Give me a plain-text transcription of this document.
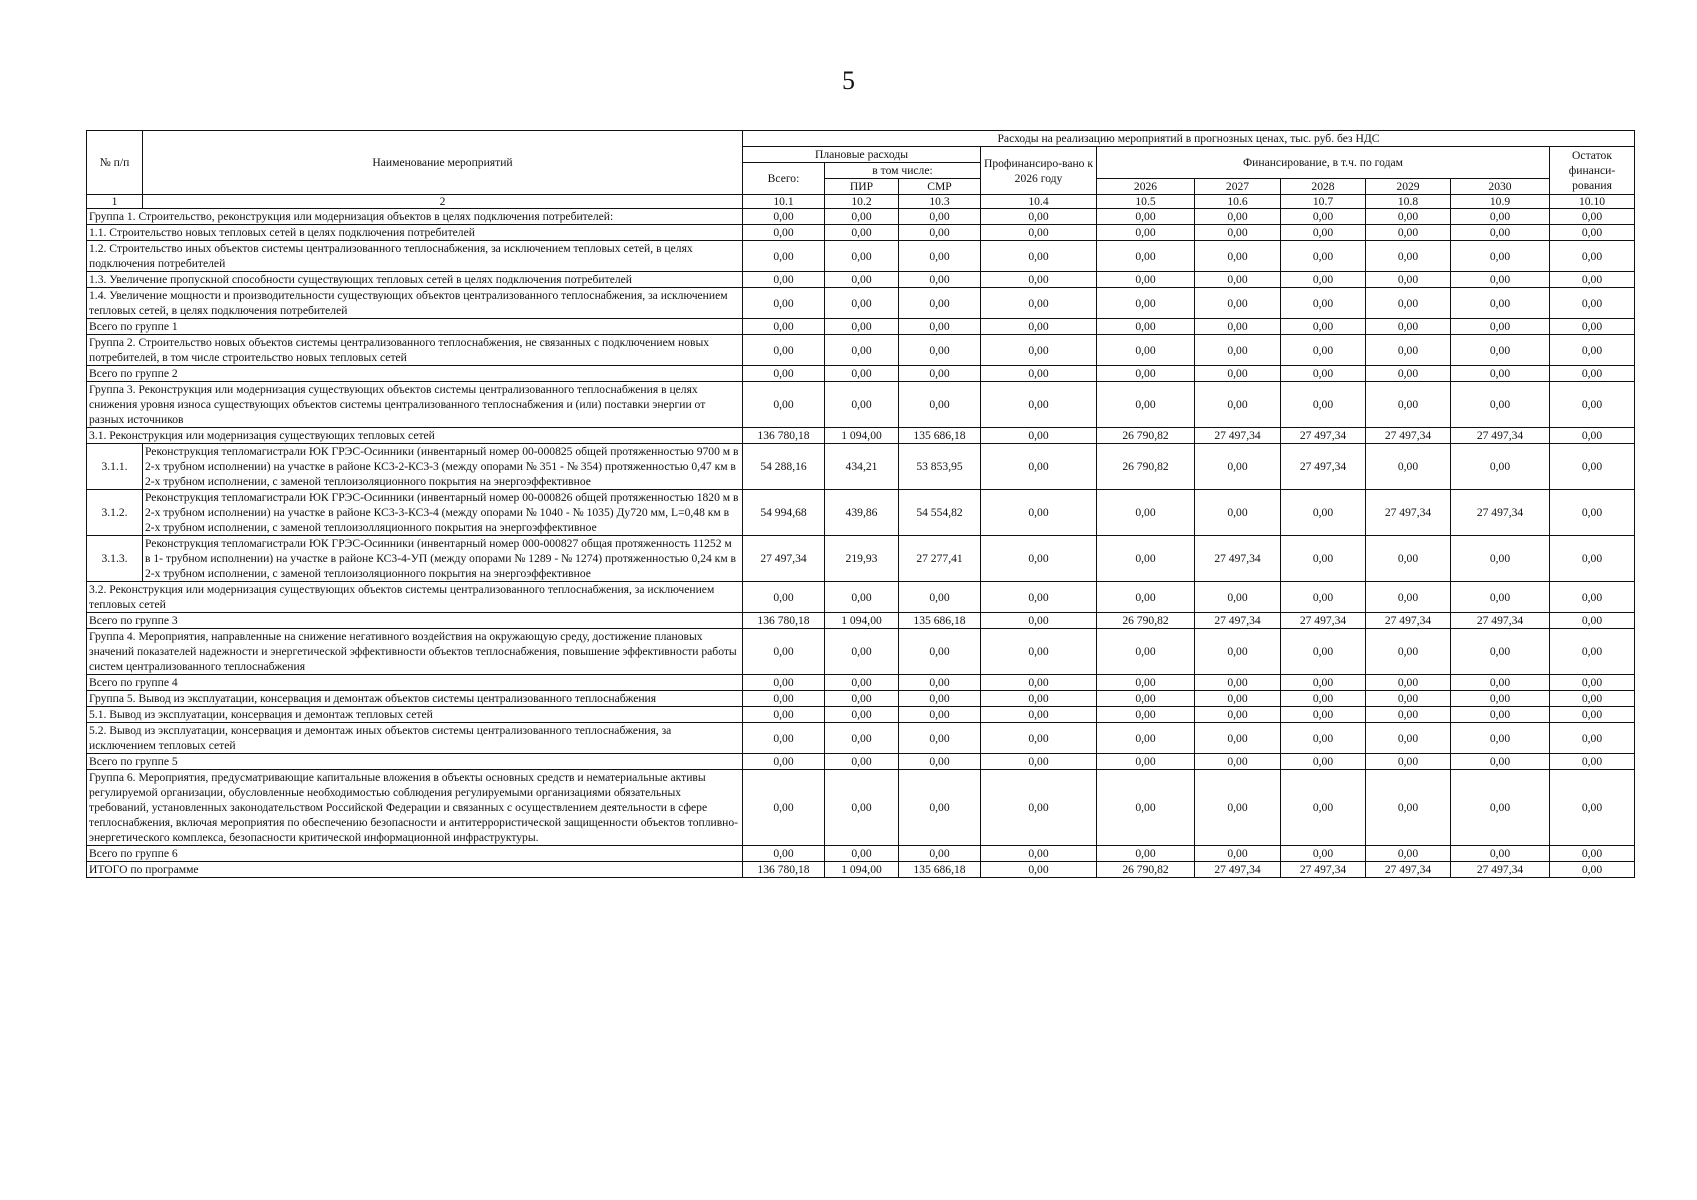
5
№ п/п	Наименование мероприятий	Расходы на реализацию мероприятий в прогнозных ценах, тыс. руб. без НДС									
		Плановые расходы			Профинансиро-вано к 2026 году	Финансирование, в т.ч. по годам					Остаток финанси-рования
		Всего:	в том числе:								
			ПИР	СМР		2026	2027	2028	2029	2030	
1	2	10.1	10.2	10.3	10.4	10.5	10.6	10.7	10.8	10.9	10.10
Группа 1. Строительство, реконструкция или модернизация объектов в целях подключения потребителей:		0,00	0,00	0,00	0,00	0,00	0,00	0,00	0,00	0,00	0,00
1.1. Строительство новых тепловых сетей в целях подключения потребителей		0,00	0,00	0,00	0,00	0,00	0,00	0,00	0,00	0,00	0,00
1.2. Строительство иных объектов системы централизованного теплоснабжения, за исключением тепловых сетей, в целях подключения потребителей		0,00	0,00	0,00	0,00	0,00	0,00	0,00	0,00	0,00	0,00
1.3. Увеличение пропускной способности существующих тепловых сетей в целях подключения потребителей		0,00	0,00	0,00	0,00	0,00	0,00	0,00	0,00	0,00	0,00
1.4. Увеличение мощности и производительности существующих объектов централизованного теплоснабжения, за исключением тепловых сетей, в целях подключения потребителей		0,00	0,00	0,00	0,00	0,00	0,00	0,00	0,00	0,00	0,00
Всего по группе 1		0,00	0,00	0,00	0,00	0,00	0,00	0,00	0,00	0,00	0,00
Группа 2. Строительство новых объектов системы централизованного теплоснабжения, не связанных с подключением новых потребителей, в том числе строительство новых тепловых сетей		0,00	0,00	0,00	0,00	0,00	0,00	0,00	0,00	0,00	0,00
Всего по группе 2		0,00	0,00	0,00	0,00	0,00	0,00	0,00	0,00	0,00	0,00
Группа 3. Реконструкция или модернизация существующих объектов системы централизованного теплоснабжения в целях снижения уровня износа существующих объектов системы централизованного теплоснабжения и (или) поставки энергии от разных источников		0,00	0,00	0,00	0,00	0,00	0,00	0,00	0,00	0,00	0,00
3.1. Реконструкция или модернизация существующих тепловых сетей		136 780,18	1 094,00	135 686,18	0,00	26 790,82	27 497,34	27 497,34	27 497,34	27 497,34	0,00
3.1.1.	Реконструкция тепломагистрали ЮК ГРЭС-Осинники (инвентарный номер 00-000825 общей протяженностью 9700 м в 2-х трубном исполнении) на участке в районе КС3-2-КС3-3 (между опорами № 351 - № 354) протяженностью 0,47 км в 2-х трубном исполнении, с заменой теплоизоляционного покрытия на энергоэффективное	54 288,16	434,21	53 853,95	0,00	26 790,82	0,00	27 497,34	0,00	0,00	0,00
3.1.2.	Реконструкция тепломагистрали ЮК ГРЭС-Осинники (инвентарный номер 00-000826 общей протяженностью 1820 м в 2-х трубном исполнении) на участке в районе КС3-3-КС3-4 (между опорами № 1040 - № 1035) Ду720 мм, L=0,48 км в 2-х трубном исполнении, с заменой теплоизолляционного покрытия на энергоэффективное	54 994,68	439,86	54 554,82	0,00	0,00	0,00	0,00	27 497,34	27 497,34	0,00
3.1.3.	Реконструкция тепломагистрали ЮК ГРЭС-Осинники (инвентарный номер 000-000827 общая протяженность 11252 м в 1- трубном исполнении) на участке в районе КС3-4-УП (между опорами № 1289 - № 1274) протяженностью 0,24 км в 2-х трубном исполнении, с заменой теплоизоляционного покрытия на энергоэффективное	27 497,34	219,93	27 277,41	0,00	0,00	27 497,34	0,00	0,00	0,00	0,00
3.2. Реконструкция или модернизация существующих объектов системы централизованного теплоснабжения, за исключением тепловых сетей		0,00	0,00	0,00	0,00	0,00	0,00	0,00	0,00	0,00	0,00
Всего по группе 3		136 780,18	1 094,00	135 686,18	0,00	26 790,82	27 497,34	27 497,34	27 497,34	27 497,34	0,00
Группа 4. Мероприятия, направленные на снижение негативного воздействия на окружающую среду, достижение плановых значений показателей надежности и энергетической эффективности объектов теплоснабжения, повышение эффективности работы систем централизованного теплоснабжения		0,00	0,00	0,00	0,00	0,00	0,00	0,00	0,00	0,00	0,00
Всего по группе 4		0,00	0,00	0,00	0,00	0,00	0,00	0,00	0,00	0,00	0,00
Группа 5. Вывод из эксплуатации, консервация и демонтаж объектов системы централизованного теплоснабжения		0,00	0,00	0,00	0,00	0,00	0,00	0,00	0,00	0,00	0,00
5.1. Вывод из эксплуатации, консервация и демонтаж тепловых сетей		0,00	0,00	0,00	0,00	0,00	0,00	0,00	0,00	0,00	0,00
5.2. Вывод из эксплуатации, консервация и демонтаж иных объектов системы централизованного теплоснабжения, за исключением тепловых сетей		0,00	0,00	0,00	0,00	0,00	0,00	0,00	0,00	0,00	0,00
Всего по группе 5		0,00	0,00	0,00	0,00	0,00	0,00	0,00	0,00	0,00	0,00
Группа 6. Мероприятия, предусматривающие капитальные вложения в объекты основных средств и нематериальные активы регулируемой организации, обусловленные необходимостью соблюдения регулируемыми организациями обязательных требований, установленных законодательством Российской Федерации и связанных с осуществлением деятельности в сфере теплоснабжения, включая мероприятия по обеспечению безопасности и антитеррористической защищенности объектов топливно-энергетического комплекса, безопасности критической информационной инфраструктуры.		0,00	0,00	0,00	0,00	0,00	0,00	0,00	0,00	0,00	0,00
Всего по группе 6		0,00	0,00	0,00	0,00	0,00	0,00	0,00	0,00	0,00	0,00
ИТОГО по программе		136 780,18	1 094,00	135 686,18	0,00	26 790,82	27 497,34	27 497,34	27 497,34	27 497,34	0,00
